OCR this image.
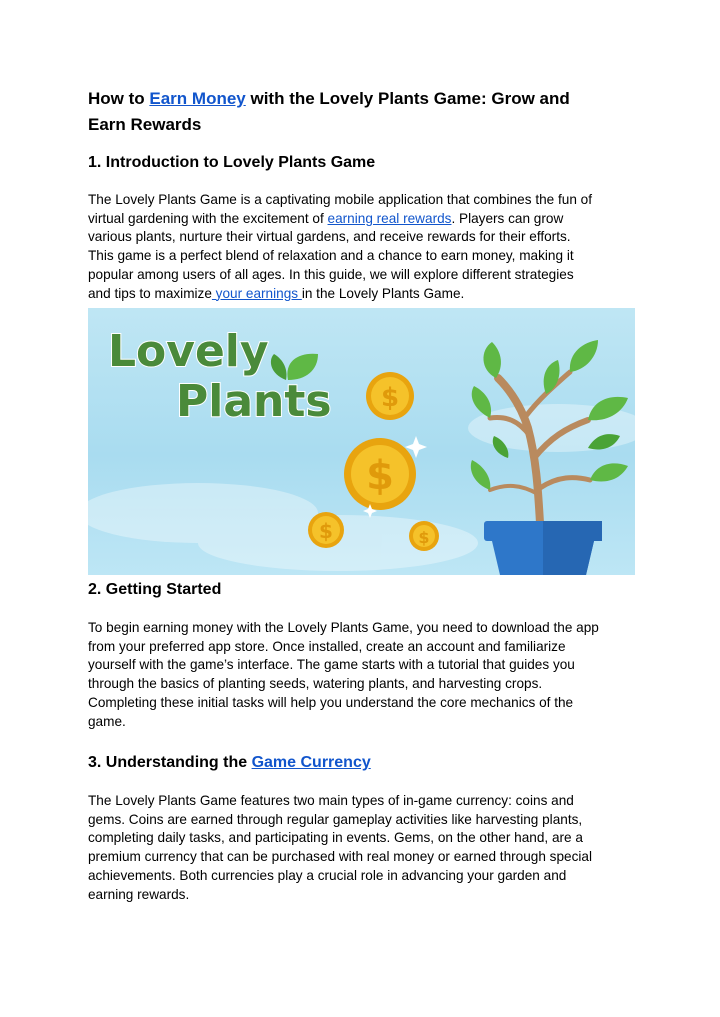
How to Earn Money with the Lovely Plants Game: Grow and
Earn Rewards
1. Introduction to Lovely Plants Game
The Lovely Plants Game is a captivating mobile application that combines the fun of
virtual gardening with the excitement of earning real rewards. Players can grow
various plants, nurture their virtual gardens, and receive rewards for their efforts.
This game is a perfect blend of relaxation and a chance to earn money, making it
popular among users of all ages. In this guide, we will explore different strategies
and tips to maximize your earnings in the Lovely Plants Game.
2. Getting Started
To begin earning money with the Lovely Plants Game, you need to download the app
from your preferred app store. Once installed, create an account and familiarize
yourself with the game’s interface. The game starts with a tutorial that guides you
through the basics of planting seeds, watering plants, and harvesting crops.
Completing these initial tasks will help you understand the core mechanics of the
game.
3. Understanding the Game Currency
The Lovely Plants Game features two main types of in-game currency: coins and
gems. Coins are earned through regular gameplay activities like harvesting plants,
completing daily tasks, and participating in events. Gems, on the other hand, are a
premium currency that can be purchased with real money or earned through special
achievements. Both currencies play a crucial role in advancing your garden and
earning rewards.
Lovely
Plants $
$
$	$
